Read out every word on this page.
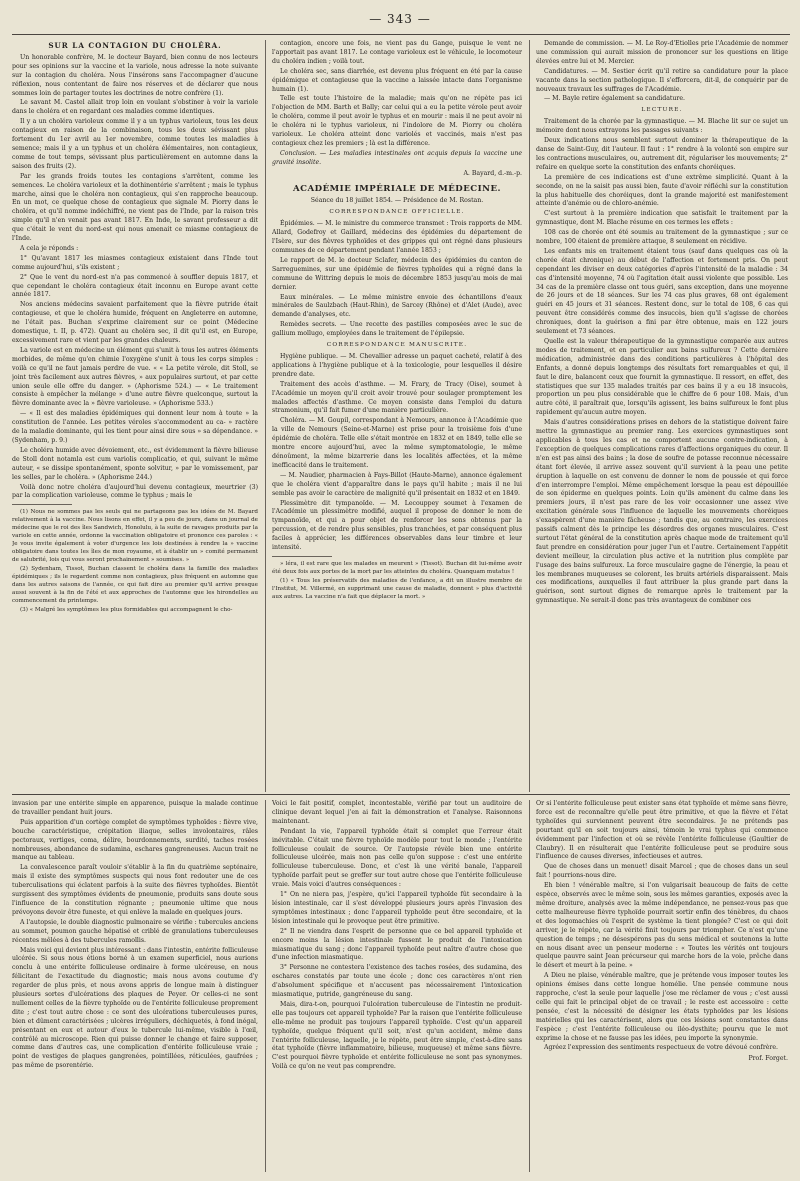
— 343 —

SUR LA CONTAGION DU CHOLÉRA.

Un honorable confrère, M. le docteur Bayard, bien connu de nos lecteurs pour ses opinions sur la vaccine et la variole, nous adresse la note suivante sur la contagion du choléra. Nous l'insérons sans l'accompagner d'aucune réflexion, nous contentant de faire nos réserves et de déclarer que nous sommes loin de partager toutes les doctrines de notre confrère (1).

Le savant M. Castel allait trop loin en voulant s'obstiner à voir la variole dans le choléra et en regardant ces maladies comme identiques.

Il y a un choléra varioleux comme il y a un typhus varioleux, tous les deux contagieux en raison de la combinaison, tous les deux sévissant plus fortement du 1er avril au 1er novembre, comme toutes les maladies à semence; mais il y a un typhus et un choléra élémentaires, non contagieux, comme de tout temps, sévissant plus particulièrement en automne dans la saison des fruits (2).

Par les grands froids toutes les contagions s'arrêtent, comme les semences. Le choléra varioleux et la dothinentérie s'arrêtent ; mais le typhus marche, ainsi que le choléra non contagieux, qui s'en rapproche beaucoup. En un mot, ce quelque chose de contagieux que signale M. Piorry dans le choléra, et qu'il nomme indéchiffré, ne vient pas de l'Inde, par la raison très simple qu'il n'en venait pas avant 1817. En Inde, le savant professeur a dit que c'était le vent du nord-est qui nous amenait ce miasme contagieux de l'Inde.

A cela je réponds :

1° Qu'avant 1817 les miasmes contagieux existaient dans l'Inde tout comme aujourd'hui, s'ils existent ;

2° Que le vent du nord-est n'a pas commencé à souffler depuis 1817, et que cependant le choléra contagieux était inconnu en Europe avant cette année 1817.

Nos anciens médecins savaient parfaitement que la fièvre putride était contagieuse, et que le choléra humide, fréquent en Angleterre en automne, ne l'était pas. Buchan s'exprime clairement sur ce point (Médecine domestique, t. II, p. 472). Quant au choléra sec, il dit qu'il est, en Europe, excessivement rare et vient par les grandes chaleurs.

La variole est en médecine un élément qui s'unit à tous les autres éléments morbides, de même qu'en chimie l'oxygène s'unit à tous les corps simples : voilà ce qu'il ne faut jamais perdre de vue. « « La petite vérole, dit Stoll, se joint très facilement aux autres fièvres, » aux populaires surtout, et par cette union seule elle offre du danger. » (Aphorisme 524.) — « Le traitement consiste à empêcher la mélange » d'une autre fièvre quelconque, surtout la fièvre dominante avec la » fièvre varioleuse. » (Aphorisme 533.)

— « Il est des maladies épidémiques qui donnent leur nom à toute » la constitution de l'année. Les petites véroles s'accommodent au ca- » ractère de la maladie dominante, qui les tient pour ainsi dire sous » sa dépendance. » (Sydenham, p. 9.)

Le choléra humide avec dévoiement, etc., est évidemment la fièvre bilieuse de Stoll dont notamla est cum variolis complicatio, et qui, suivant le même auteur, « se dissipe spontanément, sponte solvitur, » par le vomissement, par les selles, par le choléra. » (Aphorisme 244.)

Voilà donc notre choléra d'aujourd'hui devenu contagieux, meurtrier (3) par la complication varioleuse, comme le typhus ; mais le

(1) Nous ne sommes pas les seuls qui ne partageons pas les idées de M. Bayard relativement à la vaccine. Nous lisons en effet, il y a peu de jours, dans un journal de médecine que le roi des îles Sandwich, Honolulu, à la suite de ravages produits par la variole en cette année, ordonne la vaccination obligatoire et prononce ces paroles : « Je vous invite également à voter d'urgence les lois destinées à rendre la » vaccine obligatoire dans toutes les îles de mon royaume, et à établir un » comité permanent de salubrité, lois qui vous seront prochainement » soumises. »

(2) Sydenham, Tissot, Buchan classent le choléra dans la famille des maladies épidémiques ; ils le regardent comme non contagieux, plus fréquent en automne que dans les autres saisons de l'année, ce qui fait dire au premier qu'il arrive presque aussi souvent à la fin de l'été et aux approches de l'automne que les hirondelles au commencement du printemps.

(3) « Malgré les symptômes les plus formidables qui accompagnent le cho-

contagion, encore une fois, ne vient pas du Gange, puisque le vent ne l'apportait pas avant 1817. Le contage varioleux est le véhicule, le locomoteur du choléra indien ; voilà tout.

Le choléra sec, sans diarrhée, est devenu plus fréquent en été par la cause épidémique et contagieuse que la vaccine a laissée intacte dans l'organisme humain (1).

Telle est toute l'histoire de la maladie; mais qu'on ne répète pas ici l'objection de MM. Barth et Bally; car celui qui a eu la petite vérole peut avoir le choléra, comme il peut avoir le typhus et en mourir : mais il ne peut avoir ni le choléra ni le typhus varioleux, ni l'indolore de M. Piorry ou choléra varioleux. Le choléra atteint donc variolés et vaccinés, mais n'est pas contagieux chez les premiers ; là est la différence.

Conclusion. — Les maladies intestinales ont acquis depuis la vaccine une gravité insolite.

A. Bayard, d.-m.-p.

ACADÉMIE IMPÉRIALE DE MÉDECINE.

Séance du 18 juillet 1854. — Présidence de M. Rostan.

CORRESPONDANCE OFFICIELLE.

Épidémies. — M. le ministre du commerce transmet : Trois rapports de MM. Allard, Godefroy et Gaillard, médecins des épidémies du département de l'Isère, sur des fièvres typhoïdes et des grippes qui ont régné dans plusieurs communes de ce département pendant l'année 1853 ;

Le rapport de M. le docteur Sclafer, médecin des épidémies du canton de Sarreguemines, sur une épidémie de fièvres typhoïdes qui a régné dans la commune de Wittring depuis le mois de décembre 1853 jusqu'au mois de mai dernier.

Eaux minérales. — Le même ministre envoie des échantillons d'eaux minérales de Saulzbach (Haut-Rhin), de Sarcey (Rhône) et d'Alet (Aude), avec demande d'analyses, etc.

Remèdes secrets. — Une recette des pastilles composées avec le suc de gallium mollugo, employées dans le traitement de l'épilepsie.

CORRESPONDANCE MANUSCRITE.

Hygiène publique. — M. Chevallier adresse un paquet cacheté, relatif à des applications à l'hygiène publique et à la toxicologie, pour lesquelles il désire prendre date.

Traitement des accès d'asthme. — M. Frary, de Tracy (Oise), soumet à l'Académie un moyen qu'il croit avoir trouvé pour soulager promptement les malades affectés d'asthme. Ce moyen consiste dans l'emploi du datura stramonium, qu'il fait fumer d'une manière particulière.

Choléra. — M. Goupil, correspondant à Nemours, annonce à l'Académie que la ville de Nemours (Seine-et-Marne) est prise pour la troisième fois d'une épidémie de choléra. Telle elle s'était montrée en 1832 et en 1849, telle elle se montre encore aujourd'hui, avec la même symptomatologie, le même dénoûment, la même bizarrerie dans les localités affectées, et la même inefficacité dans le traitement.

— M. Naudier, pharmacien à Fays-Billot (Haute-Marne), annonce également que le choléra vient d'apparaître dans le pays qu'il habite ; mais il ne lui semble pas avoir le caractère de malignité qu'il présentait en 1832 et en 1849.

Plessimètre dit tympanoïde. — M. Lecouppey soumet à l'examen de l'Académie un plessimètre modifié, auquel il propose de donner le nom de tympanoïde, et qui a pour objet de renforcer les sons obtenus par la percussion, et de rendre plus sensibles, plus tranchées, et par conséquent plus faciles à apprécier, les différences observables dans leur timbre et leur intensité.

» léra, il est rare que les malades en meurent » (Tissot). Buchan dit lui-même avoir été deux fois aux portes de la mort par les atteintes du choléra. Quanquam mutatus !

(1) « Tous les préservatifs des maladies de l'enfance, a dit un illustre membre de l'Institut, M. Villermé, en supprimant une cause de maladie, donnent » plus d'activité aux autres. La vaccine n'a fait que déplacer la mort. »

Demande de commission. — M. Le Roy-d'Étiolles prie l'Académie de nommer une commission qui aurait mission de prononcer sur les questions en litige élevées entre lui et M. Mercier.

Candidatures. — M. Sestier écrit qu'il retire sa candidature pour la place vacante dans la section pathologique. Il s'efforcera, dit-il, de conquérir par de nouveaux travaux les suffrages de l'Académie.

— M. Bayle retire également sa candidature.

LECTURE.

Traitement de la chorée par la gymnastique. — M. Blache lit sur ce sujet un mémoire dont nous extrayons les passages suivants :

Deux indications nous semblent surtout dominer la thérapeutique de la danse de Saint-Guy, dit l'auteur. Il faut : 1° rendre à la volonté son empire sur les contractions musculaires, ou, autrement dit, régulariser les mouvements; 2° refaire en quelque sorte la constitution des enfants choréiques.

La première de ces indications est d'une extrême simplicité. Quant à la seconde, on ne la saisit pas aussi bien, faute d'avoir réfléchi sur la constitution la plus habituelle des choréiques, dont la grande majorité est manifestement atteinte d'anémie ou de chloro-anémie.

C'est surtout à la première indication que satisfait le traitement par la gymnastique, dont M. Blache résume en ces termes les effets :

108 cas de chorée ont été soumis au traitement de la gymnastique ; sur ce nombre, 100 étaient de première attaque, 8 seulement en récidive.

Les enfants mis en traitement étaient tous (sauf dans quelques cas où la chorée était chronique) au début de l'affection et fortement pris. On peut cependant les diviser en deux catégories d'après l'intensité de la maladie : 34 cas d'intensité moyenne, 74 où l'agitation était aussi violente que possible. Les 34 cas de la première classe ont tous guéri, sans exception, dans une moyenne de 26 jours et de 18 séances. Sur les 74 cas plus graves, 68 ont également guéri en 45 jours et 31 séances. Restent donc, sur le total de 108, 6 cas qui peuvent être considérés comme des insuccès, bien qu'il s'agisse de chorées chroniques, dont la guérison a fini par être obtenue, mais en 122 jours seulement et 73 séances.

Quelle est la valeur thérapeutique de la gymnastique comparée aux autres modes de traitement, et en particulier aux bains sulfureux ? Cette dernière médication, administrée dans des conditions particulières à l'hôpital des Enfants, a donné depuis longtemps des résultats fort remarquables et qui, il faut le dire, balancent ceux que fournit la gymnastique. Il ressort, en effet, des statistiques que sur 135 malades traités par ces bains il y a eu 18 insuccès, proportion un peu plus considérable que le chiffre de 6 pour 108. Mais, d'un autre côté, il paraîtrait que, lorsqu'ils agissent, les bains sulfureux le font plus rapidement qu'aucun autre moyen.

Mais d'autres considérations prises en dehors de la statistique doivent faire mettre la gymnastique au premier rang. Les exercices gymnastiques sont applicables à tous les cas et ne comportent aucune contre-indication, à l'exception de quelques complications rares d'affections organiques du cœur. Il n'en est pas ainsi des bains ; la dose de soufre de potasse reconnue nécessaire étant fort élevée, il arrive assez souvent qu'il survient à la peau une petite éruption à laquelle on est convenu de donner le nom de poussée et qui force d'en interrompre l'emploi. Même empêchement lorsque la peau est dépouillée de son épiderme en quelques points. Loin qu'ils amènent du calme dans les premiers jours, il n'est pas rare de les voir occasionner une assez vive excitation générale sous l'influence de laquelle les mouvements choréiques s'exaspèrent d'une manière fâcheuse ; tandis que, au contraire, les exercices passifs calment dès le principe les désordres des organes musculaires. C'est surtout l'état général de la constitution après chaque mode de traitement qu'il faut prendre en considération pour juger l'un et l'autre. Certainement l'appétit devient meilleur, la circulation plus active et la nutrition plus complète par l'usage des bains sulfureux. La force musculaire gagne de l'énergie, la peau et les membranes muqueuses se colorent, les bruits artériels disparaissent. Mais ces modifications, auxquelles il faut attribuer la plus grande part dans la guérison, sont surtout dignes de remarque après le traitement par la gymnastique. Ne serait-il donc pas très avantageux de combiner ces

invasion par une entérite simple en apparence, puisque la malade continue de travailler pendant huit jours.

Puis apparition d'un cortège complet de symptômes typhoïdes : fièvre vive, bouche caractéristique, crépitation iliaque, selles involontaires, râles pectoraux, vertiges, coma, délire, bourdonnements, surdité, taches rosées nombreuses, abondance de sudamina, eschares gangreneuses. Aucun trait ne manque au tableau.

La convalescence paraît vouloir s'établir à la fin du quatrième septénaire, mais il existe des symptômes suspects qui nous font redouter une de ces tuberculisations qui éclatent parfois à la suite des fièvres typhoïdes. Bientôt surgissent des symptômes évidents de pneumonie, produits sans doute sous l'influence de la constitution régnante ; pneumonie ultime que nous prévoyons devoir être funeste, et qui enlève la malade en quelques jours.

A l'autopsie, le double diagnostic pulmonaire se vérifie : tubercules anciens au sommet, poumon gauche hépatisé et criblé de granulations tuberculeuses récentes mêlées à des tubercules ramollis.

Mais voici qui devient plus intéressant : dans l'intestin, entérite folliculeuse ulcérée. Si sous nous étions borné à un examen superficiel, nous aurions conclu à une entérite folliculeuse ordinaire à forme ulcéreuse, en nous félicitant de l'exactitude du diagnostic; mais nous avons coutume d'y regarder de plus près, et nous avons appris de longue main à distinguer plusieurs sortes d'ulcérations des plaques de Peyer. Or celles-ci ne sont nullement celles de la fièvre typhoïde ou de l'entérite folliculeuse proprement dite ; c'est tout autre chose : ce sont des ulcérations tuberculeuses pures, bien et dûment caractérisées ; ulcères irréguliers, déchiquetés, à fond inégal, présentant en eux et autour d'eux le tubercule lui-même, visible à l'œil, contrôlé au microscope. Rien qui puisse donner le change et faire supposer, comme dans d'autres cas, une complication d'entérite folliculeuse vraie ; point de vestiges de plaques gangrenées, pointillées, réticulées, gaufrées ; pas même de psorentérie.

Voici le fait positif, complet, incontestable, vérifié par tout un auditoire de clinique devant lequel j'en ai fait la démonstration et l'analyse. Raisonnons maintenant.

Pendant la vie, l'appareil typhoïde était si complet que l'erreur était inévitable. C'était une fièvre typhoïde modèle pour tout le monde ; l'entérite folliculeuse coulait de source. Or l'autopsie révèle bien une entérite folliculeuse ulcérée, mais non pas celle qu'on suppose : c'est une entérite folliculeuse tuberculeuse. Donc, et c'est là une vérité banale, l'appareil typhoïde parfait peut se greffer sur tout autre chose que l'entérite folliculeuse vraie. Mais voici d'autres conséquences :

1° On ne niera pas, j'espère, qu'ici l'appareil typhoïde fût secondaire à la lésion intestinale, car il s'est développé plusieurs jours après l'invasion des symptômes intestinaux ; donc l'appareil typhoïde peut être secondaire, et la lésion intestinale qui le provoque peut être primitive.

2° Il ne viendra dans l'esprit de personne que ce bel appareil typhoïde et encore moins la lésion intestinale fussent le produit de l'intoxication miasmatique du sang ; donc l'appareil typhoïde peut naître d'autre chose que d'une infection miasmatique.

3° Personne ne contestera l'existence des taches rosées, des sudamina, des eschares constatés par toute une école ; donc ces caractères n'ont rien d'absolument spécifique et n'accusent pas nécessairement l'intoxication miasmatique, putride, gangréneuse du sang.

Mais, dira-t-on, pourquoi l'ulcération tuberculeuse de l'intestin ne produit-elle pas toujours cet appareil typhoïde? Par la raison que l'entérite folliculeuse elle-même ne produit pas toujours l'appareil typhoïde. C'est qu'un appareil typhoïde, quelque fréquent qu'il soit, n'est qu'un accident, même dans l'entérite folliculeuse, laquelle, je le répète, peut être simple, c'est-à-dire sans état typhoïde (fièvre inflammatoire, bilieuse, muqueuse) et même sans fièvre. C'est pourquoi fièvre typhoïde et entérite folliculeuse ne sont pas synonymes. Voilà ce qu'on ne veut pas comprendre.

Or si l'entérite folliculeuse peut exister sans état typhoïde et même sans fièvre, force est de reconnaître qu'elle peut être primitive, et que la fièvre et l'état typhoïdes qui surviennent peuvent être secondaires. Je ne prétends pas pourtant qu'il en soit toujours ainsi, témoin le vrai typhus qui commence évidemment par l'infection et où se révèle l'entérite folliculeuse (Gaultier de Claubry). Il en résulterait que l'entérite folliculeuse peut se produire sous l'influence de causes diverses, infectieuses et autres.

Que de choses dans un menuet! disait Marcel ; que de choses dans un seul fait ! pourrions-nous dire.

Eh bien ! vénérable maître, si l'on vulgarisait beaucoup de faits de cette espèce, observés avec le même soin, sous les mêmes garanties, exposés avec la même droiture, analysés avec la même indépendance, ne pensez-vous pas que cette malheureuse fièvre typhoïde pourrait sortir enfin des ténèbres, du chaos et des logomachies où l'esprit de système la tient plongée? C'est ce qui doit arriver, je le répète, car la vérité finit toujours par triompher. Ce n'est qu'une question de temps ; ne désespérons pas du sens médical et soutenons la lutte en nous disant avec un penseur moderne : « Toutes les vérités ont toujours quelque pauvre saint Jean précurseur qui marche hors de la voie, prêche dans le désert et meurt à la peine. »

A Dieu ne plaise, vénérable maître, que je prétende vous imposer toutes les opinions émises dans cette longue homélie. Une pensée commune nous rapproche, c'est la seule pour laquelle j'ose me réclamer de vous ; c'est aussi celle qui fait le principal objet de ce travail ; le reste est accessoire : cette pensée, c'est la nécessité de désigner les états typhoïdes par les lésions matérielles qui les caractérisent, alors que ces lésions sont constantes dans l'espèce ; c'est l'entérite folliculeuse ou iléo-dysthite; pourvu que le mot exprime la chose et ne fausse pas les idées, peu importe la synonymie.

Agréez l'expression des sentiments respectueux de votre dévoué confrère.

Prof. Forget.
